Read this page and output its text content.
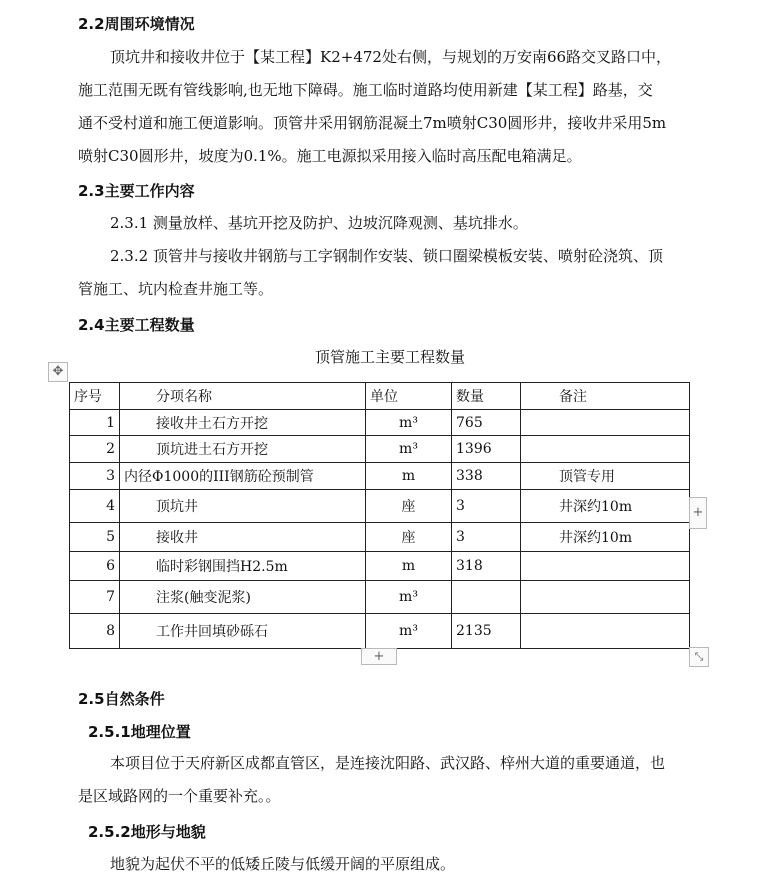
2.2周围环境情况
顶坑井和接收井位于【某工程】K2+472处右侧，与规划的万安南66路交叉路口中，
施工范围无既有管线影响,也无地下障碍。施工临时道路均使用新建【某工程】路基，交
通不受村道和施工便道影响。顶管井采用钢筋混凝土7m喷射C30圆形井，接收井采用5m
喷射C30圆形井，坡度为0.1%。施工电源拟采用接入临时高压配电箱满足。
2.3主要工作内容
2.3.1 测量放样、基坑开挖及防护、边坡沉降观测、基坑排水。
2.3.2 顶管井与接收井钢筋与工字钢制作安装、锁口圈梁模板安装、喷射砼浇筑、顶
管施工、坑内检查井施工等。
2.4主要工程数量
顶管施工主要工程数量
✥
序号	分项名称	单位	数量	备注
1	接收井土石方开挖	m³	765	
2	顶坑进土石方开挖	m³	1396	
3	内径Φ1000的III钢筋砼预制管	m	338	顶管专用
4	顶坑井	座	3	井深约10m
5	接收井	座	3	井深约10m
6	临时彩钢围挡H2.5m	m	318	
7	注浆(触变泥浆)	m³		
8	工作井回填砂砾石	m³	2135	
+
+	⤡
2.5自然条件
2.5.1地理位置
本项目位于天府新区成都直管区，是连接沈阳路、武汉路、梓州大道的重要通道，也
是区域路网的一个重要补充。。
2.5.2地形与地貌
地貌为起伏不平的低矮丘陵与低缓开阔的平原组成。
